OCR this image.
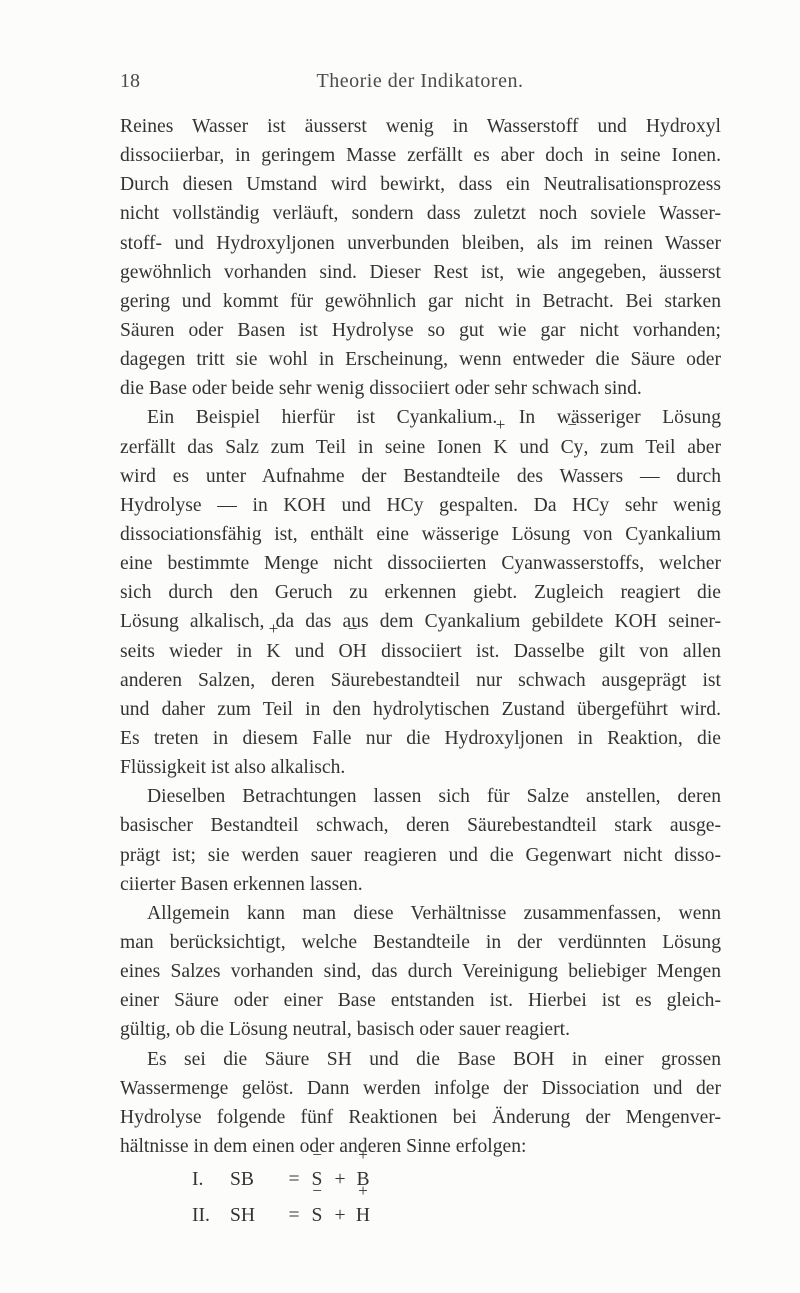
18	Theorie der Indikatoren.
Reines Wasser ist äusserst wenig in Wasserstoff und Hydroxyl
dissociierbar, in geringem Masse zerfällt es aber doch in seine Ionen.
Durch diesen Umstand wird bewirkt, dass ein Neutralisationsprozess
nicht vollständig verläuft, sondern dass zuletzt noch soviele Wasser-
stoff- und Hydroxyljonen unverbunden bleiben, als im reinen Wasser
gewöhnlich vorhanden sind. Dieser Rest ist, wie angegeben, äusserst
gering und kommt für gewöhnlich gar nicht in Betracht. Bei starken
Säuren oder Basen ist Hydrolyse so gut wie gar nicht vorhanden;
dagegen tritt sie wohl in Erscheinung, wenn entweder die Säure oder
die Base oder beide sehr wenig dissociiert oder sehr schwach sind.
Ein Beispiel hierfür ist Cyankalium. In wässeriger Lösung
zerfällt das Salz zum Teil in seine Ionen + K und − Cy, zum Teil aber
wird es unter Aufnahme der Bestandteile des Wassers — durch
Hydrolyse — in KOH und HCy gespalten. Da HCy sehr wenig
dissociationsfähig ist, enthält eine wässerige Lösung von Cyankalium
eine bestimmte Menge nicht dissociierten Cyanwasserstoffs, welcher
sich durch den Geruch zu erkennen giebt. Zugleich reagiert die
Lösung alkalisch, da das aus dem Cyankalium gebildete KOH seiner-
seits wieder in + K und − OH dissociiert ist. Dasselbe gilt von allen
anderen Salzen, deren Säurebestandteil nur schwach ausgeprägt ist
und daher zum Teil in den hydrolytischen Zustand übergeführt wird.
Es treten in diesem Falle nur die Hydroxyljonen in Reaktion, die
Flüssigkeit ist also alkalisch.
Dieselben Betrachtungen lassen sich für Salze anstellen, deren
basischer Bestandteil schwach, deren Säurebestandteil stark ausge-
prägt ist; sie werden sauer reagieren und die Gegenwart nicht disso-
ciierter Basen erkennen lassen.
Allgemein kann man diese Verhältnisse zusammenfassen, wenn
man berücksichtigt, welche Bestandteile in der verdünnten Lösung
eines Salzes vorhanden sind, das durch Vereinigung beliebiger Mengen
einer Säure oder einer Base entstanden ist. Hierbei ist es gleich-
gültig, ob die Lösung neutral, basisch oder sauer reagiert.
Es sei die Säure SH und die Base BOH in einer grossen
Wassermenge gelöst. Dann werden infolge der Dissociation und der
Hydrolyse folgende fünf Reaktionen bei Änderung der Mengenver-
hältnisse in dem einen oder anderen Sinne erfolgen:
I. SB = − S + + B
II. SH = − S + + H
